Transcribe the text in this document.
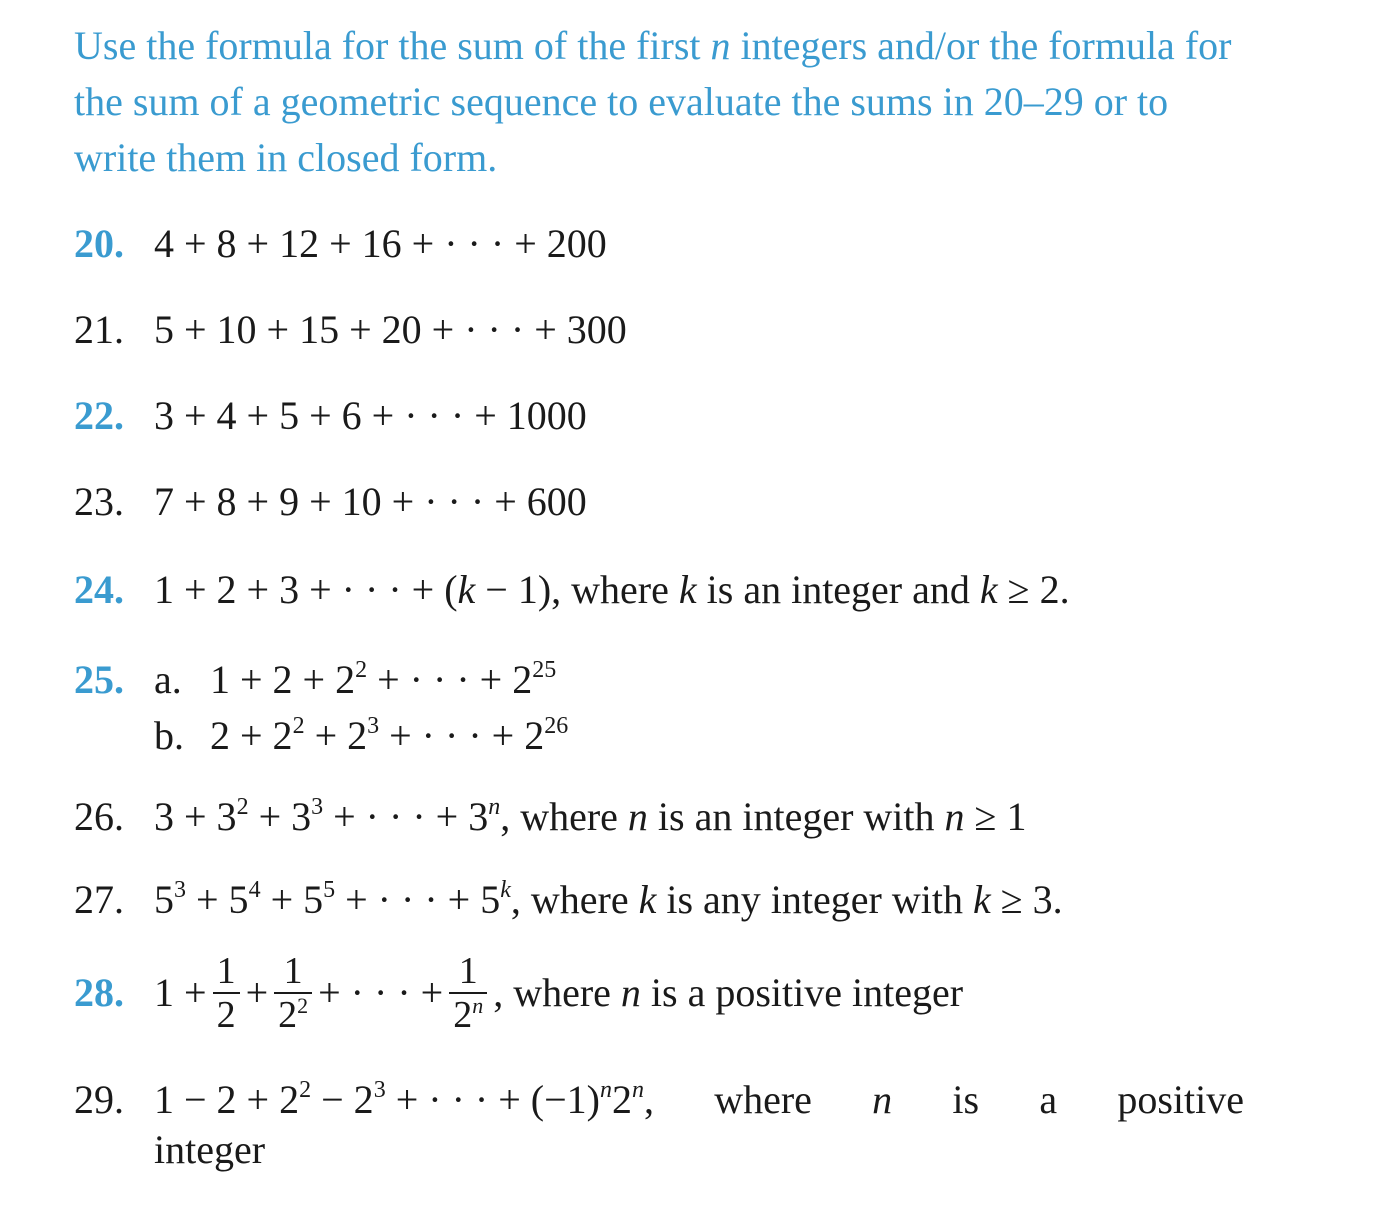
Use the formula for the sum of the first n integers and/or the formula for the sum of a geometric sequence to evaluate the sums in 20–29 or to write them in closed form.
20. 4 + 8 + 12 + 16 + · · · + 200
21. 5 + 10 + 15 + 20 + · · · + 300
22. 3 + 4 + 5 + 6 + · · · + 1000
23. 7 + 8 + 9 + 10 + · · · + 600
24. 1 + 2 + 3 + · · · + (k − 1), where k is an integer and k ≥ 2.
25. a. $1 + 2 + 2^2$ + · · · + $2^{25}$
b. $2 + 2^2 + 2^3$ + · · · + $2^{26}$
26. $3 + 3^2 + 3^3$ + · · · + $3^n$, where n is an integer with n ≥ 1
27. $5^3 + 5^4 + 5^5$ + · · · + $5^k$, where k is any integer with k ≥ 3.
28. $1 + \frac{1}{2} + \frac{1}{2^2}$ + · · · + $\frac{1}{2^n}$ , where n is a positive integer
29. $1 - 2 + 2^2 - 2^3$ + · · · + $(-1)^n2^n$, where n is a positive
integer
